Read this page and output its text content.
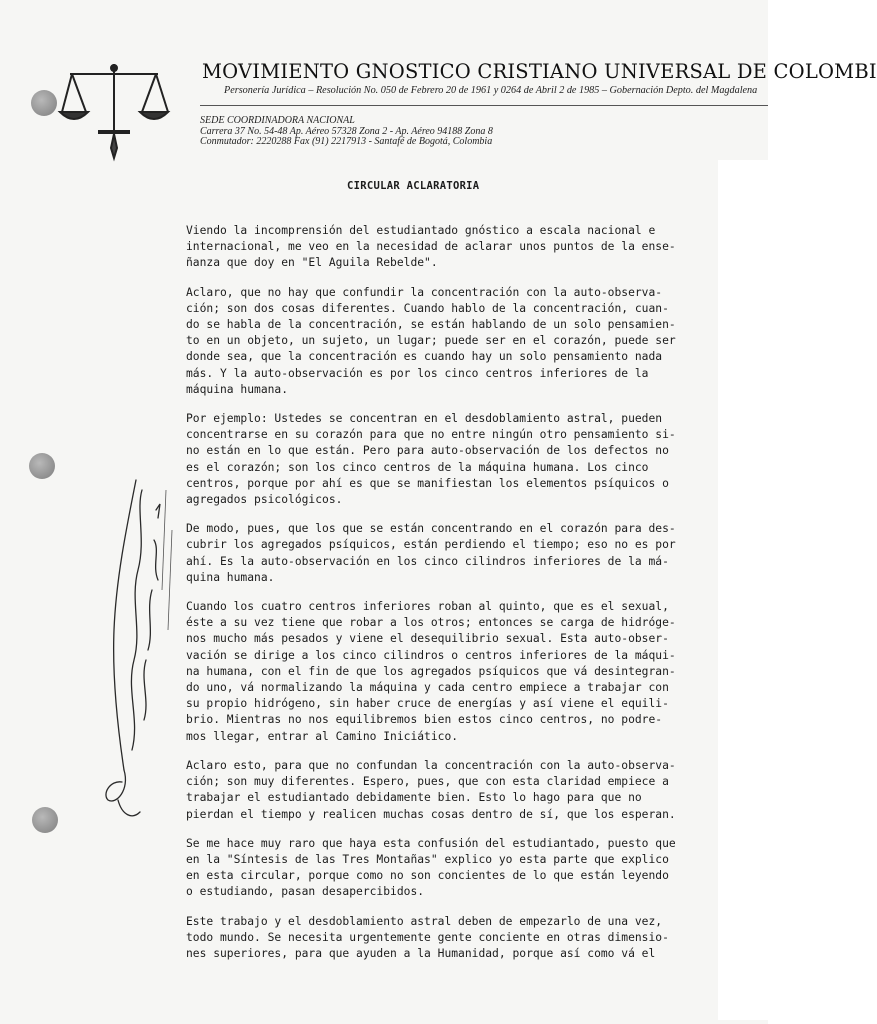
MOVIMIENTO GNOSTICO CRISTIANO UNIVERSAL DE COLOMBI
Personería Jurídica – Resolución No. 050 de Febrero 20 de 1961 y 0264 de Abril 2 de 1985 – Gobernación Depto. del Magdalena
SEDE COORDINADORA NACIONAL
Carrera 37 No. 54-48 Ap. Aéreo 57328 Zona 2 - Ap. Aéreo 94188 Zona 8
Conmutador: 2220288 Fax (91) 2217913 - Santafé de Bogotá, Colombia
CIRCULAR ACLARATORIA
Viendo la incomprensión del estudiantado gnóstico a escala nacional e
internacional, me veo en la necesidad de aclarar unos puntos de la ense-
ñanza que doy en "El Aguila Rebelde".
Aclaro, que no hay que confundir la concentración con la auto-observa-
ción; son dos cosas diferentes. Cuando hablo de la concentración, cuan-
do se habla de la concentración, se están hablando de un solo pensamien-
to en un objeto, un sujeto, un lugar; puede ser en el corazón, puede ser
donde sea, que la concentración es cuando hay un solo pensamiento nada
más. Y la auto-observación es por los cinco centros inferiores de la
máquina humana.
Por ejemplo: Ustedes se concentran en el desdoblamiento astral, pueden
concentrarse en su corazón para que no entre ningún otro pensamiento si-
no están en lo que están. Pero para auto-observación de los defectos no
es el corazón; son los cinco centros de la máquina humana. Los cinco
centros, porque por ahí es que se manifiestan los elementos psíquicos o
agregados psicológicos.
De modo, pues, que los que se están concentrando en el corazón para des-
cubrir los agregados psíquicos, están perdiendo el tiempo; eso no es por
ahí. Es la auto-observación en los cinco cilindros inferiores de la má-
quina humana.
Cuando los cuatro centros inferiores roban al quinto, que es el sexual,
éste a su vez tiene que robar a los otros; entonces se carga de hidróge-
nos mucho más pesados y viene el desequilibrio sexual. Esta auto-obser-
vación se dirige a los cinco cilindros o centros inferiores de la máqui-
na humana, con el fin de que los agregados psíquicos que vá desintegran-
do uno, vá normalizando la máquina y cada centro empiece a trabajar con
su propio hidrógeno, sin haber cruce de energías y así viene el equili-
brio. Mientras no nos equilibremos bien estos cinco centros, no podre-
mos llegar, entrar al Camino Iniciático.
Aclaro esto, para que no confundan la concentración con la auto-observa-
ción; son muy diferentes. Espero, pues, que con esta claridad empiece a
trabajar el estudiantado debidamente bien. Esto lo hago para que no
pierdan el tiempo y realicen muchas cosas dentro de sí, que los esperan.
Se me hace muy raro que haya esta confusión del estudiantado, puesto que
en la "Síntesis de las Tres Montañas" explico yo esta parte que explico
en esta circular, porque como no son concientes de lo que están leyendo
o estudiando, pasan desapercibidos.
Este trabajo y el desdoblamiento astral deben de empezarlo de una vez,
todo mundo. Se necesita urgentemente gente conciente en otras dimensio-
nes superiores, para que ayuden a la Humanidad, porque así como vá el
